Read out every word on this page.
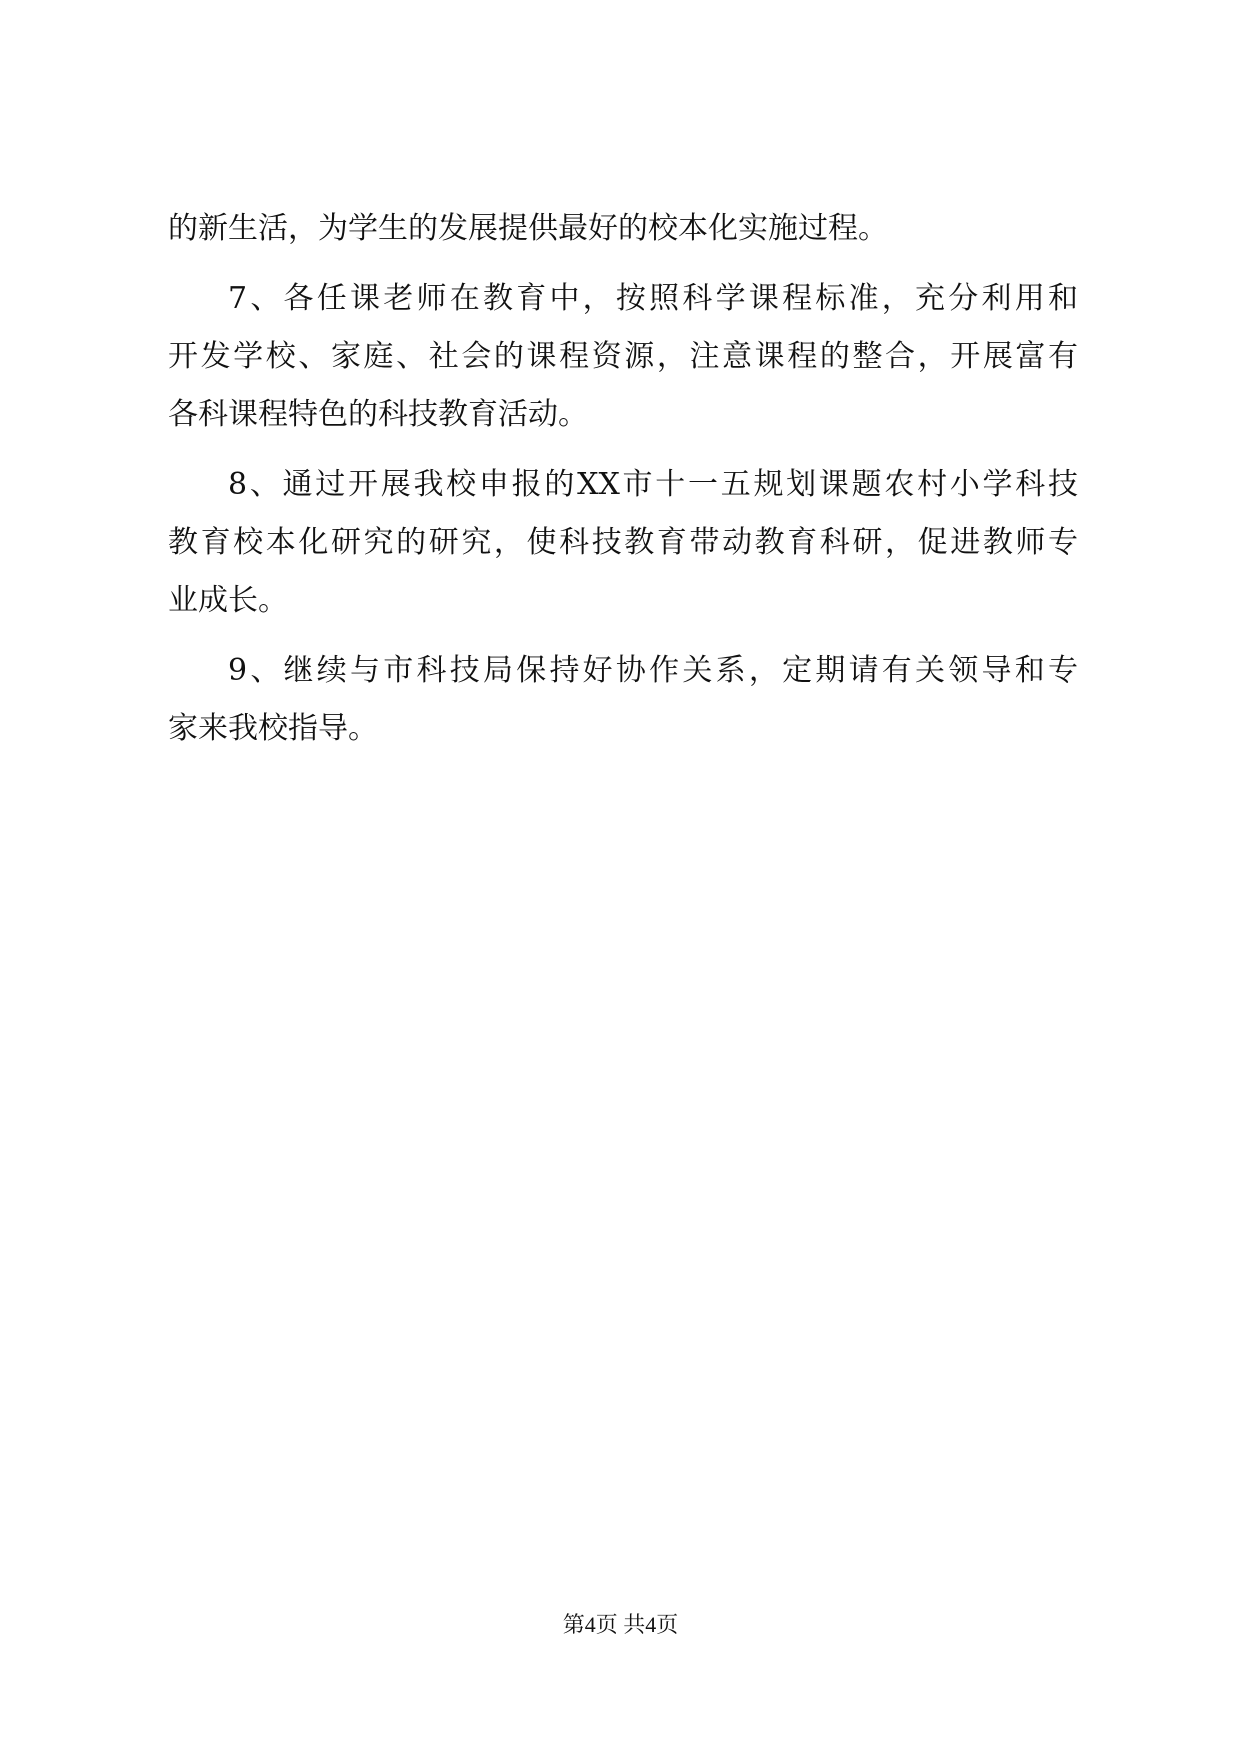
的新生活，为学生的发展提供最好的校本化实施过程。
7、各任课老师在教育中，按照科学课程标准，充分利用和
开发学校、家庭、社会的课程资源，注意课程的整合，开展富有
各科课程特色的科技教育活动。
8、通过开展我校申报的XX市十一五规划课题农村小学科技
教育校本化研究的研究，使科技教育带动教育科研，促进教师专
业成长。
9、继续与市科技局保持好协作关系，定期请有关领导和专
家来我校指导。
第4页 共4页
